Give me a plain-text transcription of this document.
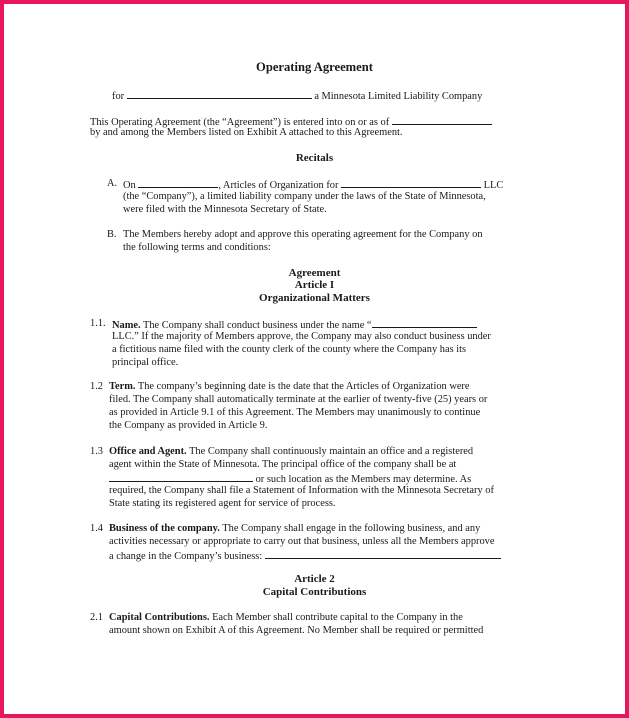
Operating Agreement
for	a Minnesota Limited Liability Company
This Operating Agreement (the “Agreement”) is entered into on or as of
by and among the Members listed on Exhibit A attached to this Agreement.
Recitals
A. On	, Articles of Organization for	LLC
(the “Company”), a limited liability company under the laws of the State of Minnesota,
were filed with the Minnesota Secretary of State.
B. The Members hereby adopt and approve this operating agreement for the Company on
the following terms and conditions:
Agreement
Article I
Organizational Matters
1.1. Name. The Company shall conduct business under the name “
LLC.” If the majority of Members approve, the Company may also conduct business under
a fictitious name filed with the county clerk of the county where the Company has its
principal office.
1.2 Term. The company’s beginning date is the date that the Articles of Organization were
filed. The Company shall automatically terminate at the earlier of twenty-five (25) years or
as provided in Article 9.1 of this Agreement. The Members may unanimously to continue
the Company as provided in Article 9.
1.3 Office and Agent. The Company shall continuously maintain an office and a registered
agent within the State of Minnesota. The principal office of the company shall be at
or such location as the Members may determine. As
required, the Company shall file a Statement of Information with the Minnesota Secretary of
State stating its registered agent for service of process.
1.4 Business of the company. The Company shall engage in the following business, and any
activities necessary or appropriate to carry out that business, unless all the Members approve
a change in the Company’s business:
Article 2
Capital Contributions
2.1 Capital Contributions. Each Member shall contribute capital to the Company in the
amount shown on Exhibit A of this Agreement. No Member shall be required or permitted
